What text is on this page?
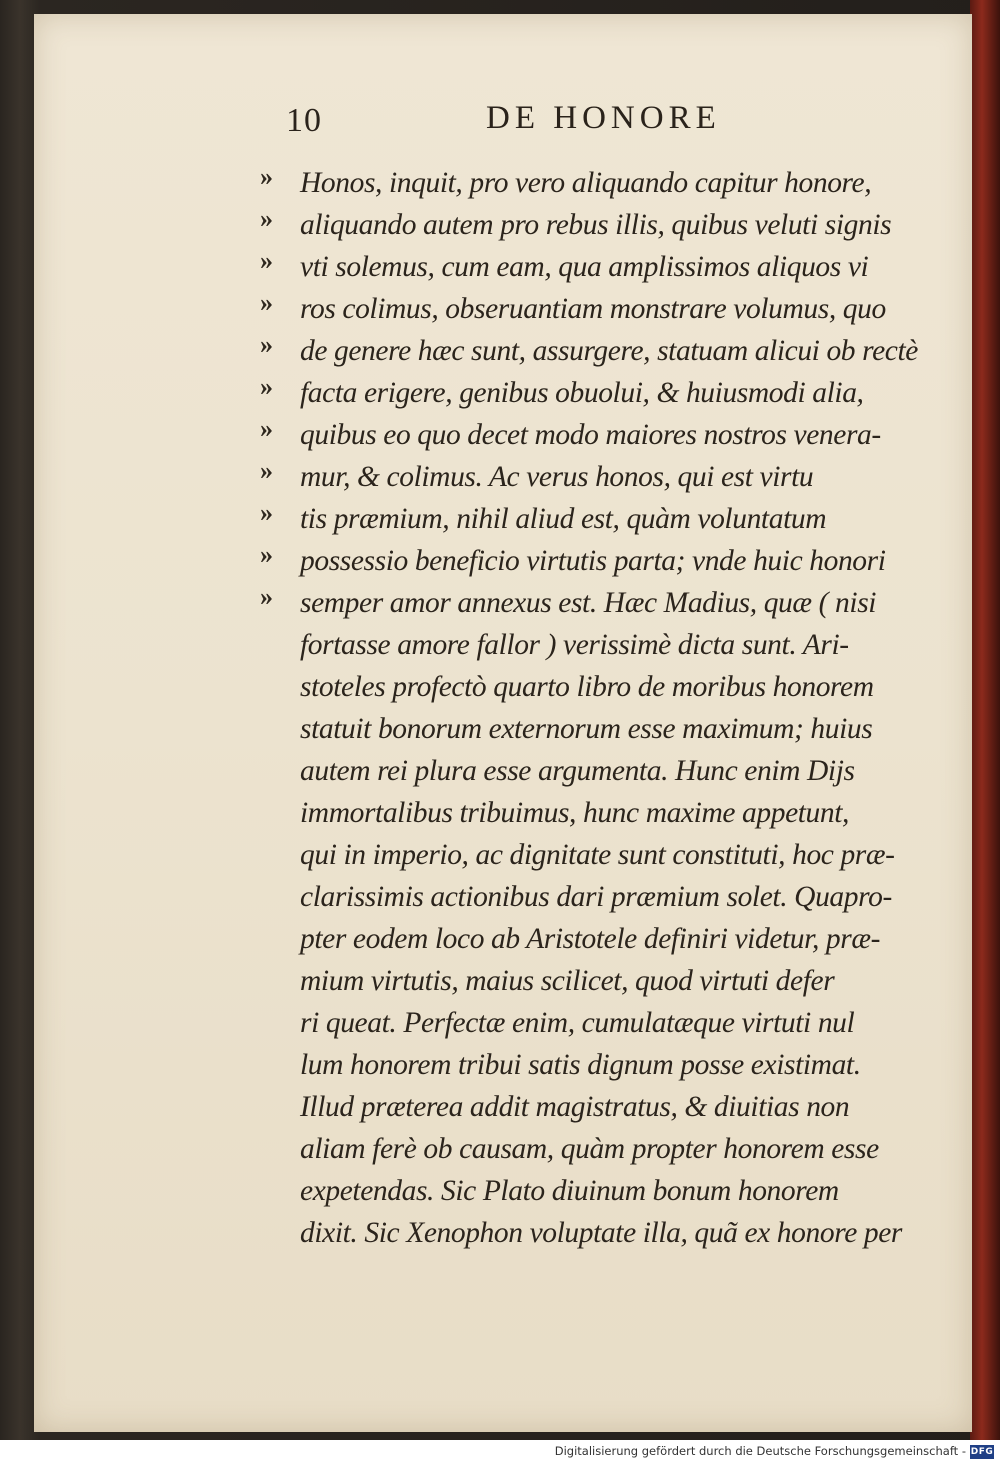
10	DE HONORE
» Honos, inquit, pro vero aliquando capitur honore,
» aliquando autem pro rebus illis, quibus veluti signis
» vti solemus, cum eam, qua amplissimos aliquos vi
» ros colimus, obseruantiam monstrare volumus, quo
» de genere hæc sunt, assurgere, statuam alicui ob rectè
» facta erigere, genibus obuolui, & huiusmodi alia,
» quibus eo quo decet modo maiores nostros venera-
» mur, & colimus. Ac verus honos, qui est virtu
» tis præmium, nihil aliud est, quàm voluntatum
» possessio beneficio virtutis parta; vnde huic honori
» semper amor annexus est. Hæc Madius, quæ ( nisi
fortasse amore fallor ) verissimè dicta sunt. Ari-
stoteles profectò quarto libro de moribus honorem
statuit bonorum externorum esse maximum; huius
autem rei plura esse argumenta. Hunc enim Dijs
immortalibus tribuimus, hunc maxime appetunt,
qui in imperio, ac dignitate sunt constituti, hoc præ-
clarissimis actionibus dari præmium solet. Quapro-
pter eodem loco ab Aristotele definiri videtur, præ-
mium virtutis, maius scilicet, quod virtuti defer
ri queat. Perfectæ enim, cumulatæque virtuti nul
lum honorem tribui satis dignum posse existimat.
Illud præterea addit magistratus, & diuitias non
aliam ferè ob causam, quàm propter honorem esse
expetendas. Sic Plato diuinum bonum honorem
dixit. Sic Xenophon voluptate illa, quã ex honore per
Digitalisierung gefördert durch die Deutsche Forschungsgemeinschaft - DFG
